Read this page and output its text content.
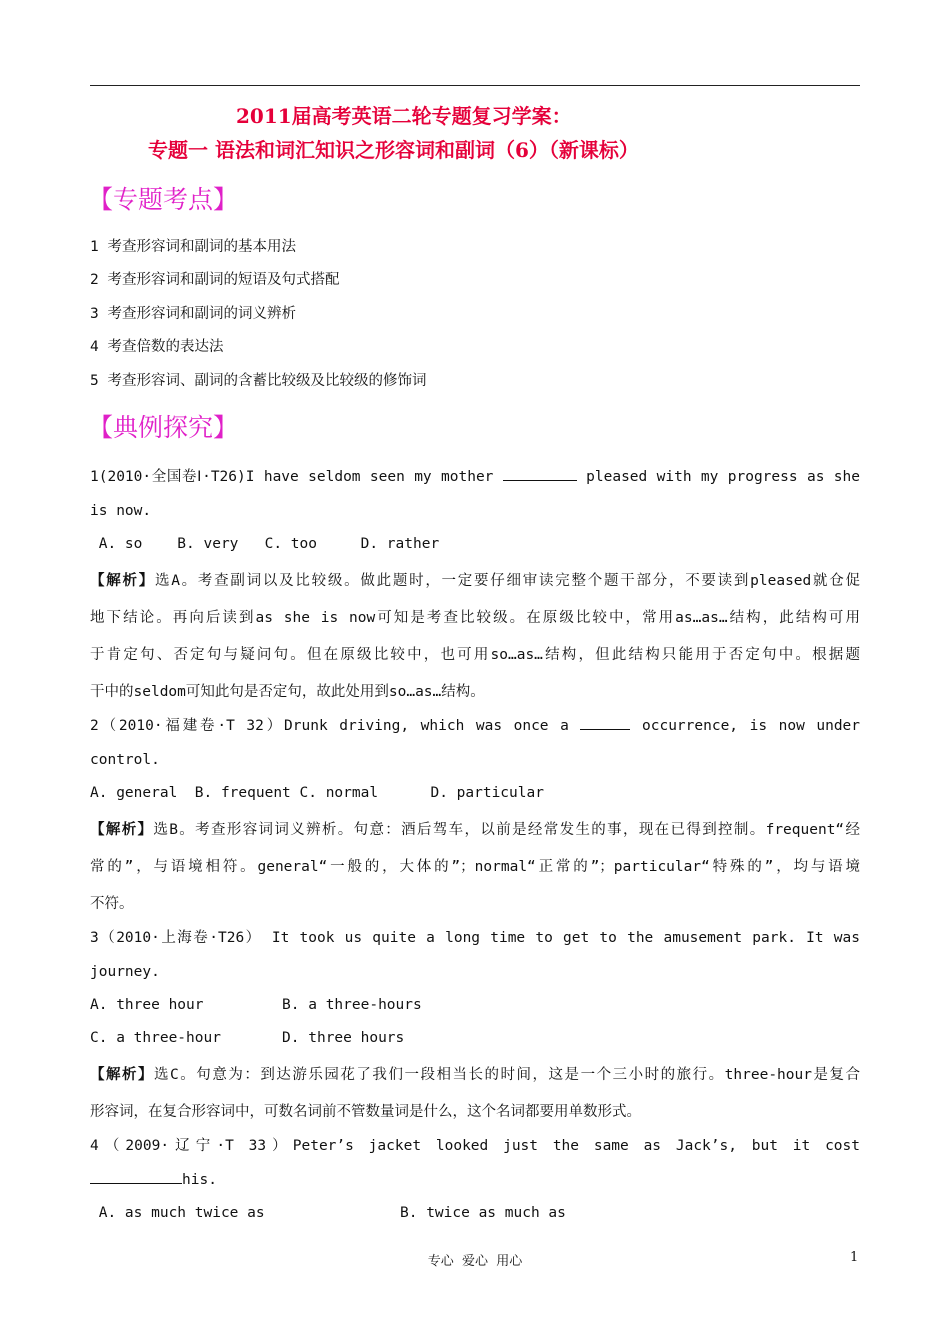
2011届高考英语二轮专题复习学案：
专题一 语法和词汇知识之形容词和副词（6）（新课标）
【专题考点】
1 考查形容词和副词的基本用法
2 考查形容词和副词的短语及句式搭配
3 考查形容词和副词的词义辨析
4 考查倍数的表达法
5 考查形容词、副词的含蓄比较级及比较级的修饰词
【典例探究】
1(2010·全国卷Ⅰ·T26)I have seldom seen my mother	pleased with my progress as she
is now.
A. so    B. very   C. too     D. rather
【解析】选A。考查副词以及比较级。做此题时，一定要仔细审读完整个题干部分，不要读到pleased就仓促
地下结论。再向后读到as she is now可知是考查比较级。在原级比较中，常用as…as…结构，此结构可用
于肯定句、否定句与疑问句。但在原级比较中，也可用so…as…结构，但此结构只能用于否定句中。根据题
干中的seldom可知此句是否定句，故此处用到so…as…结构。
2（2010·福建卷·T 32）Drunk driving, which was once a	occurrence, is now under
control.
A. general  B. frequent C. normal      D. particular
【解析】选B。考查形容词词义辨析。句意：酒后驾车，以前是经常发生的事，现在已得到控制。frequent“经
常的”，与语境相符。general“一般的，大体的”；normal“正常的”；particular“特殊的”，均与语境
不符。
3（2010·上海卷·T26） It took us quite a long time to get to the amusement park. It was
journey.
A. three hour         B. a three-hours
C. a three-hour       D. three hours
【解析】选C。句意为：到达游乐园花了我们一段相当长的时间，这是一个三小时的旅行。three-hour是复合
形容词，在复合形容词中，可数名词前不管数量词是什么，这个名词都要用单数形式。
4（2009·辽宁·T 33）Peter’s jacket looked just the same as Jack’s, but it cost
his.
A. as much twice as	B. twice as much as
专心  爱心  用心	1
